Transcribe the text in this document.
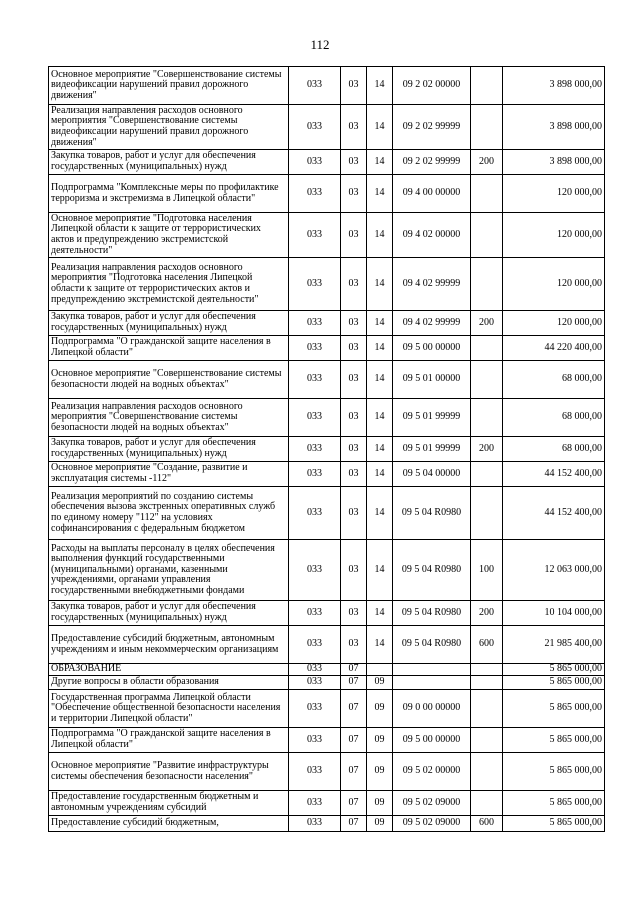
112
Основное мероприятие "Совершенствование системы видеофиксации нарушений правил дорожного движения"	033	03	14	09 2 02 00000		3 898 000,00
Реализация направления расходов основного мероприятия "Совершенствование системы видеофиксации нарушений правил дорожного движения"	033	03	14	09 2 02 99999		3 898 000,00
Закупка товаров, работ и услуг для обеспечения государственных (муниципальных) нужд	033	03	14	09 2 02 99999	200	3 898 000,00
Подпрограмма "Комплексные меры по профилактике терроризма и экстремизма в Липецкой области"	033	03	14	09 4 00 00000		120 000,00
Основное мероприятие "Подготовка населения Липецкой области к защите от террористических актов и предупреждению экстремистской деятельности"	033	03	14	09 4 02 00000		120 000,00
Реализация направления расходов основного мероприятия "Подготовка населения Липецкой области к защите от террористических актов и предупреждению экстремистской деятельности"	033	03	14	09 4 02 99999		120 000,00
Закупка товаров, работ и услуг для обеспечения государственных (муниципальных) нужд	033	03	14	09 4 02 99999	200	120 000,00
Подпрограмма "О гражданской защите населения в Липецкой области"	033	03	14	09 5 00 00000		44 220 400,00
Основное мероприятие "Совершенствование системы безопасности людей на водных объектах"	033	03	14	09 5 01 00000		68 000,00
Реализация направления расходов основного мероприятия "Совершенствование системы безопасности людей на водных объектах"	033	03	14	09 5 01 99999		68 000,00
Закупка товаров, работ и услуг для обеспечения государственных (муниципальных) нужд	033	03	14	09 5 01 99999	200	68 000,00
Основное мероприятие "Создание, развитие и эксплуатация системы -112"	033	03	14	09 5 04 00000		44 152 400,00
Реализация мероприятий по созданию системы обеспечения вызова экстренных оперативных служб по единому номеру "112" на условиях софинансирования с федеральным бюджетом	033	03	14	09 5 04 R0980		44 152 400,00
Расходы на выплаты персоналу в целях обеспечения выполнения функций государственными (муниципальными) органами, казенными учреждениями, органами управления государственными внебюджетными фондами	033	03	14	09 5 04 R0980	100	12 063 000,00
Закупка товаров, работ и услуг для обеспечения государственных (муниципальных) нужд	033	03	14	09 5 04 R0980	200	10 104 000,00
Предоставление субсидий бюджетным, автономным учреждениям и иным некоммерческим организациям	033	03	14	09 5 04 R0980	600	21 985 400,00
ОБРАЗОВАНИЕ	033	07				5 865 000,00
Другие вопросы в области образования	033	07	09			5 865 000,00
Государственная программа Липецкой области "Обеспечение общественной безопасности населения и территории Липецкой области"	033	07	09	09 0 00 00000		5 865 000,00
Подпрограмма "О гражданской защите населения в Липецкой области"	033	07	09	09 5 00 00000		5 865 000,00
Основное мероприятие "Развитие инфраструктуры системы обеспечения безопасности населения"	033	07	09	09 5 02 00000		5 865 000,00
Предоставление государственным бюджетным и автономным учреждениям субсидий	033	07	09	09 5 02 09000		5 865 000,00
Предоставление субсидий бюджетным,	033	07	09	09 5 02 09000	600	5 865 000,00
